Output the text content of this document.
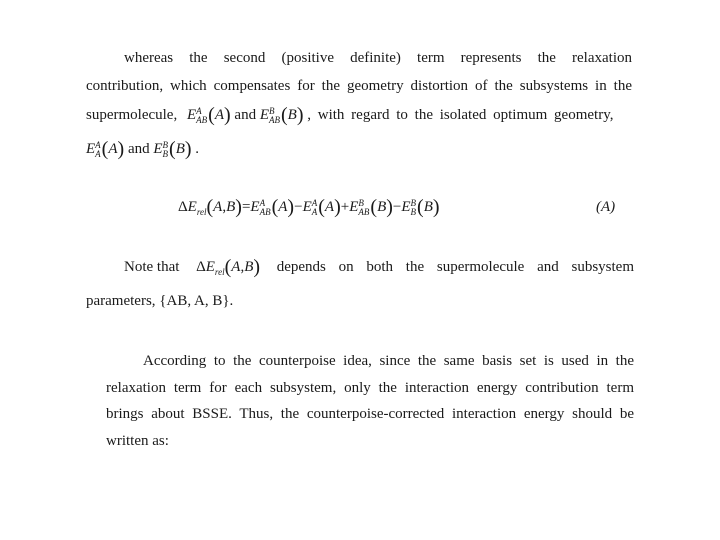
whereas the second (positive definite) term represents the relaxation
contribution, which compensates for the geometry distortion of the subsystems in the
supermolecule, E A
AB (A) and E B
AB (B) , with regard to the isolated optimum geometry,
E A
A (A) and E B
B (B) .
$\Delta E_{rel}(A,B)=E$ A
AB (A)−E A
A (A)+E B
AB (B)−E B
B (B)	(A)
Note that $\Delta E_{rel}(A,B)$ depends on both the supermolecule and subsystem
parameters, {AB, A, B}.
According to the counterpoise idea, since the same basis set is used in the
relaxation term for each subsystem, only the interaction energy contribution term
brings about BSSE. Thus, the counterpoise-corrected interaction energy should be
written as:
